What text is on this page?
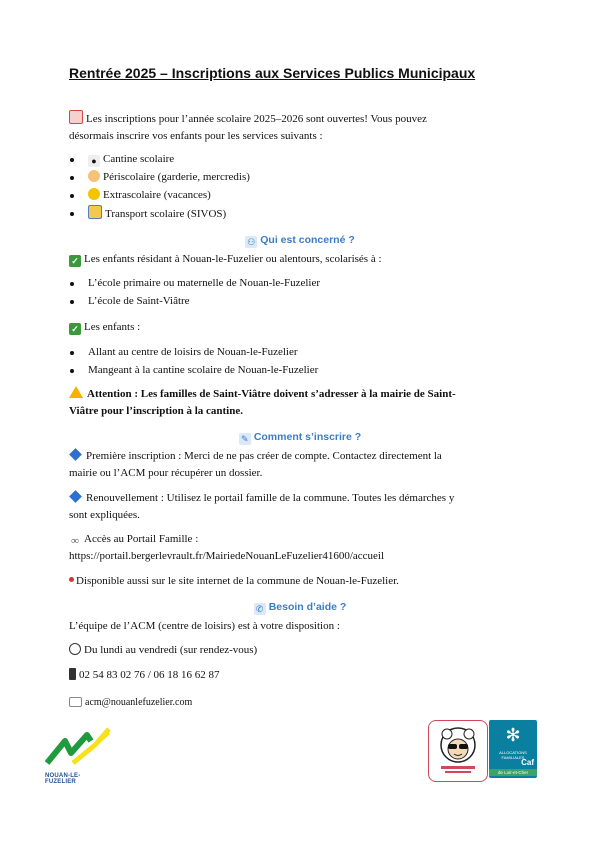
Rentrée 2025 – Inscriptions aux Services Publics Municipaux
Les inscriptions pour l’année scolaire 2025–2026 sont ouvertes! Vous pouvez
désormais inscrire vos enfants pour les services suivants :
● Cantine scolaire
Périscolaire (garderie, mercredis)
Extrascolaire (vacances)
Transport scolaire (SIVOS)
⚇ Qui est concerné ?
✓ Les enfants résidant à Nouan-le-Fuzelier ou alentours, scolarisés à :
L’école primaire ou maternelle de Nouan-le-Fuzelier
L’école de Saint-Viâtre
✓ Les enfants :
Allant au centre de loisirs de Nouan-le-Fuzelier
Mangeant à la cantine scolaire de Nouan-le-Fuzelier
Attention : Les familles de Saint-Viâtre doivent s’adresser à la mairie de Saint-
Viâtre pour l’inscription à la cantine.
✎ Comment s’inscrire ?
Première inscription : Merci de ne pas créer de compte. Contactez directement la
mairie ou l’ACM pour récupérer un dossier.
Renouvellement : Utilisez le portail famille de la commune. Toutes les démarches y
sont expliquées.
∞ Accès au Portail Famille :
https://portail.bergerlevrault.fr/MairiedeNouanLeFuzelier41600/accueil
Disponible aussi sur le site internet de la commune de Nouan-le-Fuzelier.
✆ Besoin d’aide ?
L’équipe de l’ACM (centre de loisirs) est à votre disposition :
Du lundi au vendredi (sur rendez-vous)
02 54 83 02 76 / 06 18 16 62 87
acm@nouanlefuzelier.com
NOUAN-LE-FUZELIER
✻
ALLOCATIONS
FAMILIALES
Caf
de Loir-et-Cher
